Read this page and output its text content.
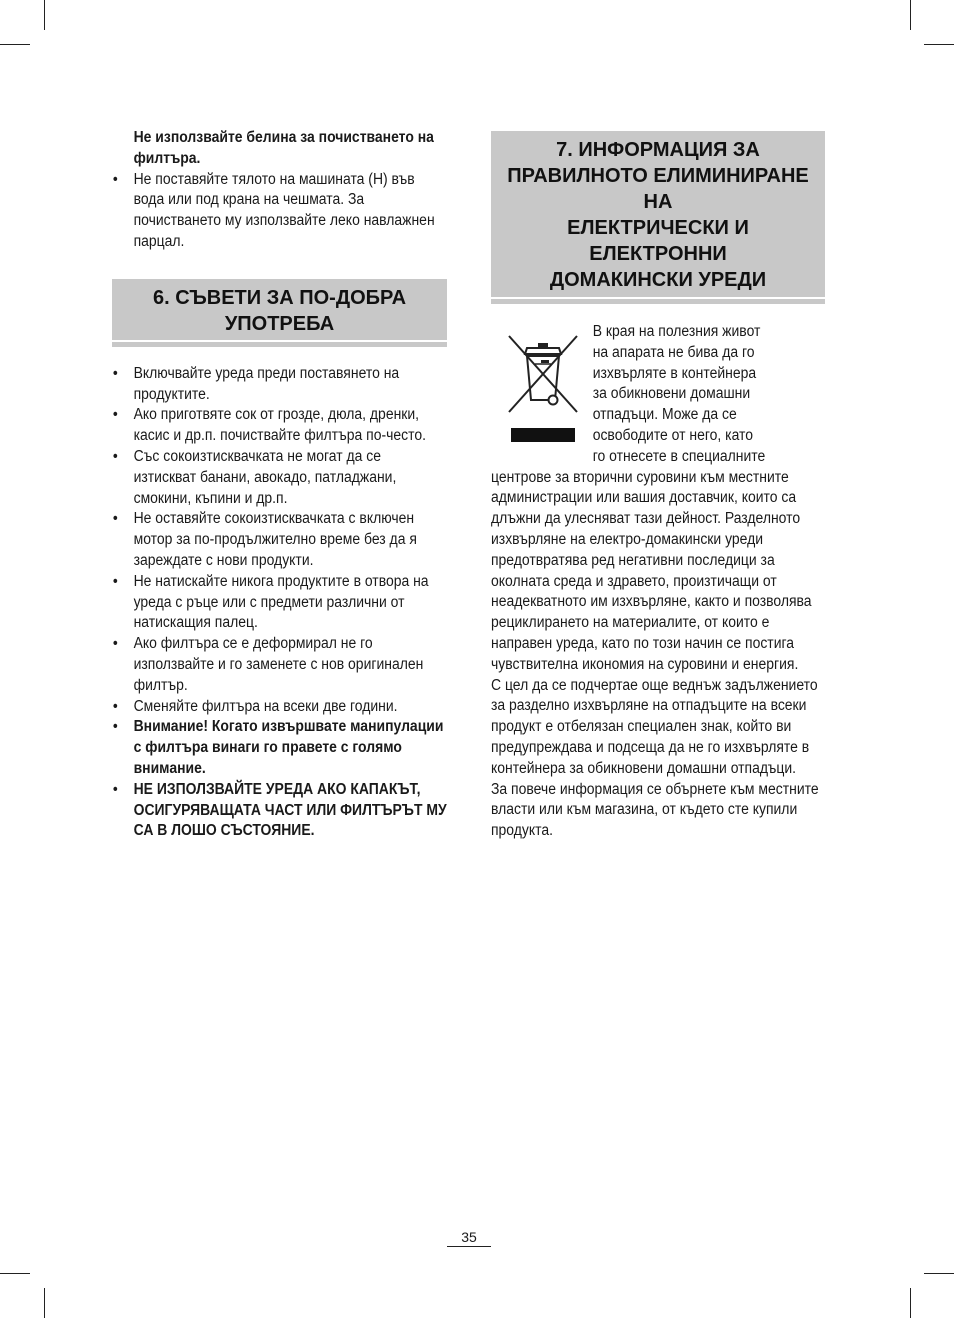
Не използвайте белина за почистването на филтъра.
• Не поставяйте тялото на машината (H) във вода или под крана на чешмата. За почистването му използвайте леко навлажнен парцал.
6. СЪВЕТИ ЗА ПО-ДОБРА
УПОТРЕБА
• Включвайте уреда преди поставянето на продуктите.
• Ако приготвяте сок от грозде, дюла, дренки, касис и др.п. почиствайте филтъра по-често.
• Със сокоизтисквачката не могат да се изтискват банани, авокадо, патладжани, смокини, къпини и др.п.
• Не оставяйте сокоизтисквачката с включен мотор за по-продължително време без да я зареждате с нови продукти.
• Не натискайте никога продуктите в отвора на уреда с ръце или с предмети различни от натискащия палец.
• Ако филтъра се е деформирал не го използвайте и го заменете с нов оригинален филтър.
• Сменяйте филтъра на всеки две години.
• Внимание! Когато извършвате манипулации с филтъра винаги го правете с голямо внимание.
• НЕ ИЗПОЛЗВАЙТЕ УРЕДА АКО КАПАКЪТ, ОСИГУРЯВАЩАТА ЧАСТ ИЛИ ФИЛТЪРЪТ МУ СА В ЛОШО СЪСТОЯНИЕ.
7. ИНФОРМАЦИЯ ЗА
ПРАВИЛНОТО ЕЛИМИНИРАНЕ НА
ЕЛЕКТРИЧЕСКИ И ЕЛЕКТРОННИ
ДОМАКИНСКИ УРЕДИ
В края на полезния живот
на апарата не бива да го
изхвърляте в контейнера
за обикновени домашни
отпадъци. Може да се
освободите от него, като
го отнесете в специалните
центрове за вторични суровини към местните администрации или вашия доставчик, които са длъжни да улесняват тази дейност. Разделното изхвърляне на електро-домакински уреди предотвратява ред негативни последици за околната среда и здравето, произтичащи от неадекватното им изхвърляне, както и позволява рециклирането на материалите, от които е направен уреда, като по този начин се постига чувствителна икономия на суровини и енергия.
С цел да се подчертае още веднъж задължението за разделно изхвърляне на отпадъците на всеки продукт е отбелязан специален знак, който ви предупреждава и подсеща да не го изхвърляте в контейнера за обикновени домашни отпадъци.
За повече информация се обърнете към местните власти или към магазина, от където сте купили продукта.
35
